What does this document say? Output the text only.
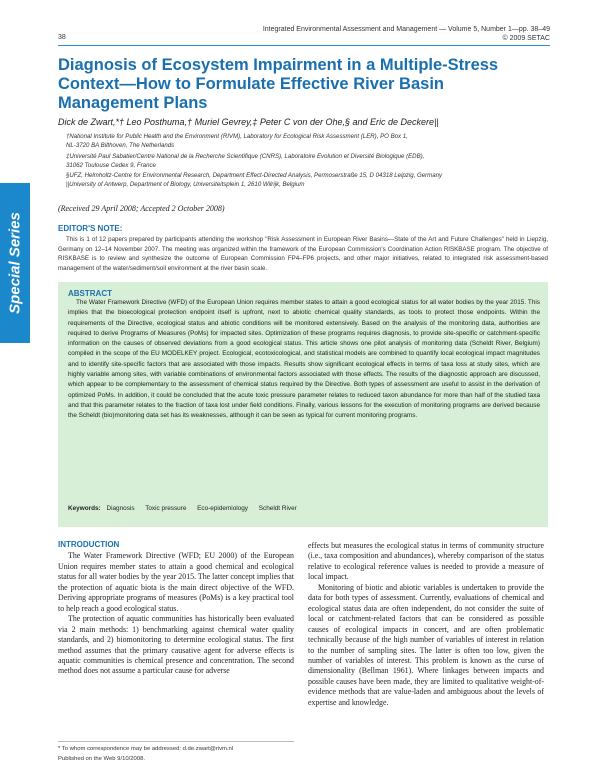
Integrated Environmental Assessment and Management — Volume 5, Number 1—pp. 38–49
© 2009 SETAC
38
Special Series
Diagnosis of Ecosystem Impairment in a Multiple-Stress Context—How to Formulate Effective River Basin Management Plans
Dick de Zwart,*† Leo Posthuma,† Muriel Gevrey,‡ Peter C von der Ohe,§ and Eric de Deckere||
†National Institute for Public Health and the Environment (RIVM), Laboratory for Ecological Risk Assessment (LER), PO Box 1,
NL-3720 BA Bilthoven, The Netherlands
‡Université Paul Sabatier/Centre National de la Recherche Scientifique (CNRS), Laboratoire Evolution et Diversité Biologique (EDB),
31062 Toulouse Cedex 9, France
§UFZ, Helmholtz-Centre for Environmental Research, Department Effect-Directed Analysis, Permoserstraße 15, D 04318 Leipzig, Germany
||University of Antwerp, Department of Biology, Universiteitsplein 1, 2610 Wilrijk, Belgium
(Received 29 April 2008; Accepted 2 October 2008)
EDITOR'S NOTE:

This is 1 of 12 papers prepared by participants attending the workshop "Risk Assessment in European River Basins—State of the Art and Future Challenges" held in Liepzig, Germany on 12–14 November 2007. The meeting was organized within the framework of the European Commission's Coordination Action RISKBASE program. The objective of RISKBASE is to review and synthesize the outcome of European Commission FP4–FP6 projects, and other major initiatives, related to integrated risk assessment-based management of the water/sediment/soil environment at the river basin scale.

ABSTRACT

The Water Framework Directive (WFD) of the European Union requires member states to attain a good ecological status for all water bodies by the year 2015. This implies that the bioecological protection endpoint itself is upfront, next to abiotic chemical quality standards, as tools to protect those endpoints. Within the requirements of the Directive, ecological status and abiotic conditions will be monitored extensively. Based on the analysis of the monitoring data, authorities are required to derive Programs of Measures (PoMs) for impacted sites. Optimization of these programs requires diagnosis, to provide site-specific or catchment-specific information on the causes of observed deviations from a good ecological status. This article shows one pilot analysis of monitoring data (Scheldt River, Belgium) compiled in the scope of the EU MODELKEY project. Ecological, ecotoxicological, and statistical models are combined to quantify local ecological impact magnitudes and to identify site-specific factors that are associated with those impacts. Results show significant ecological effects in terms of taxa loss at study sites, which are highly variable among sites, with variable combinations of environmental factors associated with those effects. The results of the diagnostic approach are discussed, which appear to be complementary to the assessment of chemical status required by the Directive. Both types of assessment are useful to assist in the derivation of optimized PoMs. In addition, it could be concluded that the acute toxic pressure parameter relates to reduced taxon abundance for more than half of the studied taxa and that this parameter relates to the fraction of taxa lost under field conditions. Finally, various lessons for the execution of monitoring programs are derived because the Scheldt (bio)monitoring data set has its weaknesses, although it can be seen as typical for current monitoring programs.

Keywords: Diagnosis Toxic pressure Eco-epidemiology Scheldt River
INTRODUCTION

The Water Framework Directive (WFD; EU 2000) of the European Union requires member states to attain a good chemical and ecological status for all water bodies by the year 2015. The latter concept implies that the protection of aquatic biota is the main direct objective of the WFD. Deriving appropriate programs of measures (PoMs) is a key practical tool to help reach a good ecological status.

The protection of aquatic communities has historically been evaluated via 2 main methods: 1) benchmarking against chemical water quality standards, and 2) biomonitoring to determine ecological status. The first method assumes that the primary causative agent for adverse effects is aquatic communities is chemical presence and concentration. The second method does not assume a particular cause for adverse

effects but measures the ecological status in terms of community structure (i.e., taxa composition and abundances), whereby comparison of the status relative to ecological reference values is needed to provide a measure of local impact.

Monitoring of biotic and abiotic variables is undertaken to provide the data for both types of assessment. Currently, evaluations of chemical and ecological status data are often independent, do not consider the suite of local or catchment-related factors that can be considered as possible causes of ecological impacts in concert, and are often problematic technically because of the high number of variables of interest in relation to the number of sampling sites. The latter is often too low, given the number of variables of interest. This problem is known as the curse of dimensionality (Bellman 1961). Where linkages between impacts and possible causes have been made, they are limited to qualitative weight-of-evidence methods that are value-laden and ambiguous about the levels of expertise and knowledge.

* To whom correspondence may be addressed: d.de.zwart@rivm.nl
Published on the Web 9/10/2008.
